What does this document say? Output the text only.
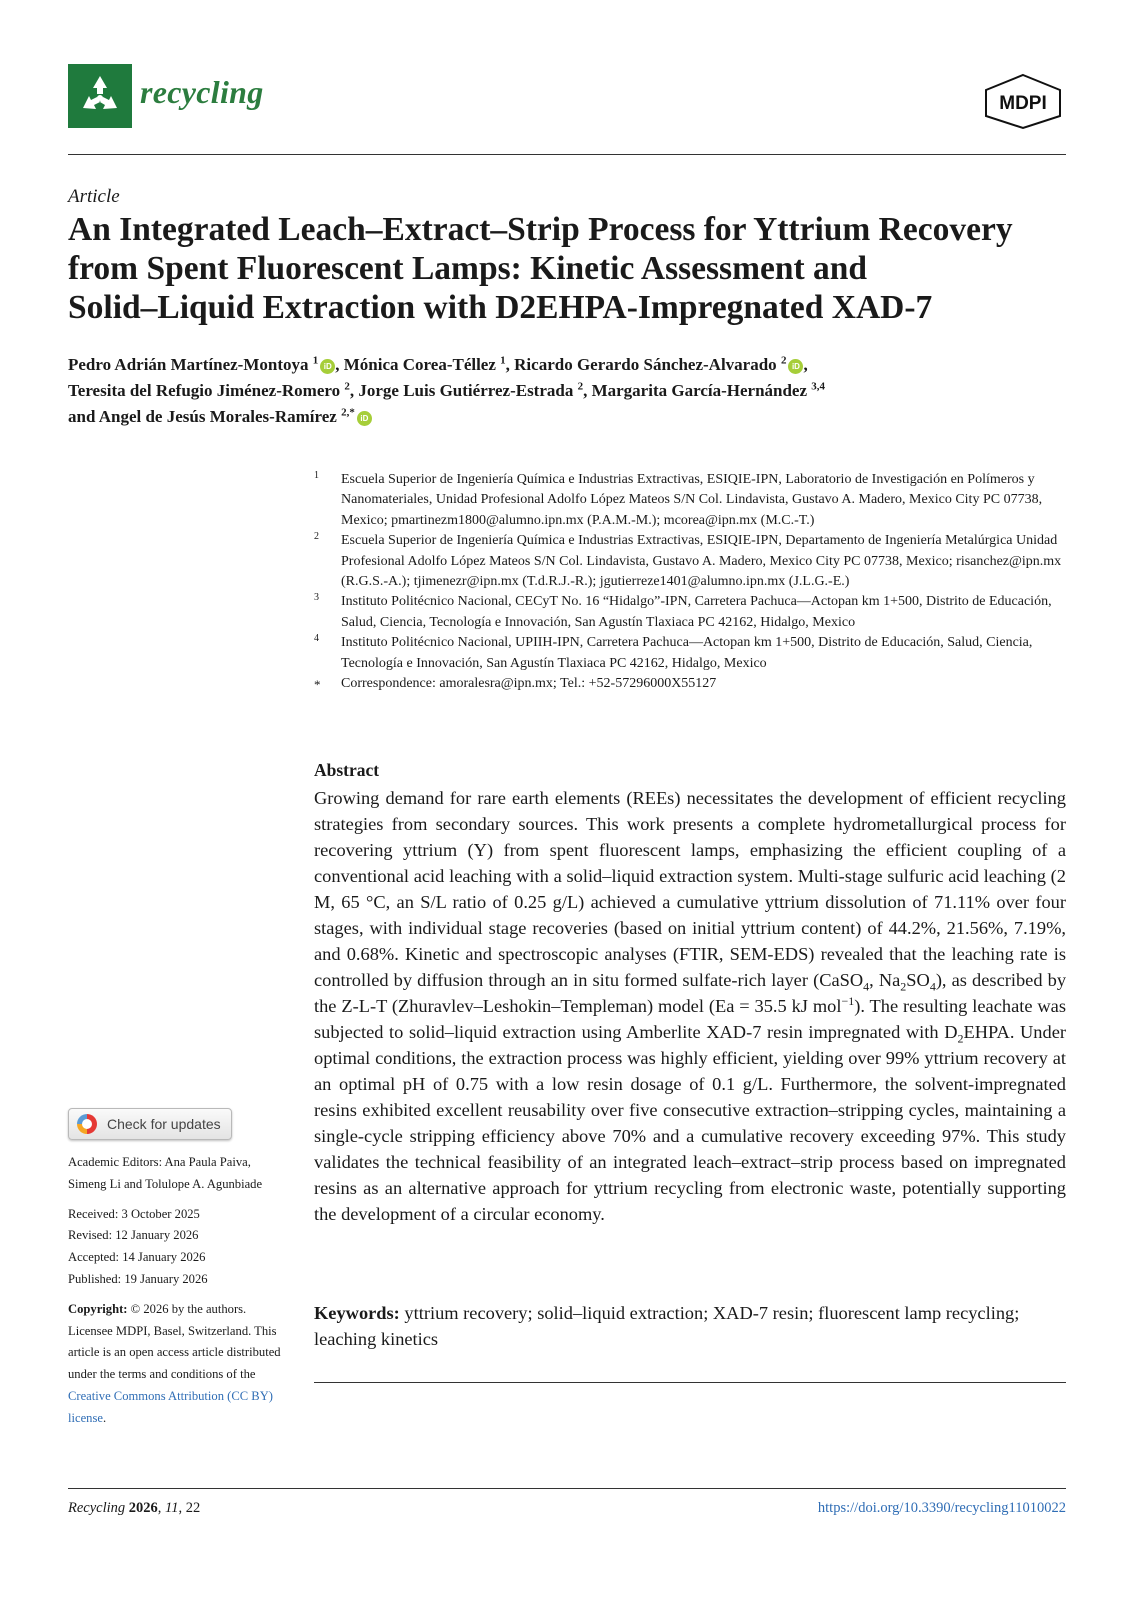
recycling	MDPI
Article
An Integrated Leach–Extract–Strip Process for Yttrium Recovery
from Spent Fluorescent Lamps: Kinetic Assessment and
Solid–Liquid Extraction with D2EHPA-Impregnated XAD-7
Pedro Adrián Martínez-Montoya $^1$iD , Mónica Corea-Téllez $^1$, Ricardo Gerardo Sánchez-Alvarado $^2$iD ,
Teresita del Refugio Jiménez-Romero $^2$, Jorge Luis Gutiérrez-Estrada $^2$, Margarita García-Hernández $^{3,4}$
and Angel de Jesús Morales-Ramírez $^{2,*}$iD
1 Escuela Superior de Ingeniería Química e Industrias Extractivas, ESIQIE-IPN, Laboratorio de Investigación en Polímeros y Nanomateriales, Unidad Profesional Adolfo López Mateos S/N Col. Lindavista, Gustavo A. Madero, Mexico City PC 07738, Mexico; pmartinezm1800@alumno.ipn.mx (P.A.M.-M.); mcorea@ipn.mx (M.C.-T.)
2 Escuela Superior de Ingeniería Química e Industrias Extractivas, ESIQIE-IPN, Departamento de Ingeniería Metalúrgica Unidad Profesional Adolfo López Mateos S/N Col. Lindavista, Gustavo A. Madero, Mexico City PC 07738, Mexico; risanchez@ipn.mx (R.G.S.-A.); tjimenezr@ipn.mx (T.d.R.J.-R.); jgutierreze1401@alumno.ipn.mx (J.L.G.-E.)
3 Instituto Politécnico Nacional, CECyT No. 16 “Hidalgo”-IPN, Carretera Pachuca—Actopan km 1+500, Distrito de Educación, Salud, Ciencia, Tecnología e Innovación, San Agustín Tlaxiaca PC 42162, Hidalgo, Mexico
4 Instituto Politécnico Nacional, UPIIH-IPN, Carretera Pachuca—Actopan km 1+500, Distrito de Educación, Salud, Ciencia, Tecnología e Innovación, San Agustín Tlaxiaca PC 42162, Hidalgo, Mexico
* Correspondence: amoralesra@ipn.mx; Tel.: +52-57296000X55127
Abstract
Growing demand for rare earth elements (REEs) necessitates the development of efficient recycling strategies from secondary sources. This work presents a complete hydrometallurgical process for recovering yttrium (Y) from spent fluorescent lamps, emphasizing the efficient coupling of a conventional acid leaching with a solid–liquid extraction system. Multi-stage sulfuric acid leaching (2 M, 65 °C, an S/L ratio of 0.25 g/L) achieved a cumulative yttrium dissolution of 71.11% over four stages, with individual stage recoveries (based on initial yttrium content) of 44.2%, 21.56%, 7.19%, and 0.68%. Kinetic and spectroscopic analyses (FTIR, SEM-EDS) revealed that the leaching rate is controlled by diffusion through an in situ formed sulfate-rich layer (CaSO$_4$, $Na_2SO_4$), as described by the Z-L-T (Zhuravlev–Leshokin–Templeman) model (Ea = 35.5 kJ mol$^{-1}$). The resulting leachate was subjected to solid–liquid extraction using Amberlite XAD-7 resin impregnated with $D_2EHPA$. Under optimal conditions, the extraction process was highly efficient, yielding over 99% yttrium recovery at an optimal pH of 0.75 with a low resin dosage of 0.1 g/L. Furthermore, the solvent-impregnated resins exhibited excellent reusability over five consecutive extraction–stripping cycles, maintaining a single-cycle stripping efficiency above 70% and a cumulative recovery exceeding 97%. This study validates the technical feasibility of an integrated leach–extract–strip process based on impregnated resins as an alternative approach for yttrium recycling from electronic waste, potentially supporting the development of a circular economy.
Keywords: yttrium recovery; solid–liquid extraction; XAD-7 resin; fluorescent lamp recycling; leaching kinetics
Check for updates

Academic Editors: Ana Paula Paiva, Simeng Li and Tolulope A. Agunbiade

Received: 3 October 2025

Revised: 12 January 2026

Accepted: 14 January 2026

Published: 19 January 2026

Copyright: © 2026 by the authors. Licensee MDPI, Basel, Switzerland. This article is an open access article distributed under the terms and conditions of the Creative Commons Attribution (CC BY) license.

Recycling 2026, 11, 22	https://doi.org/10.3390/recycling11010022
